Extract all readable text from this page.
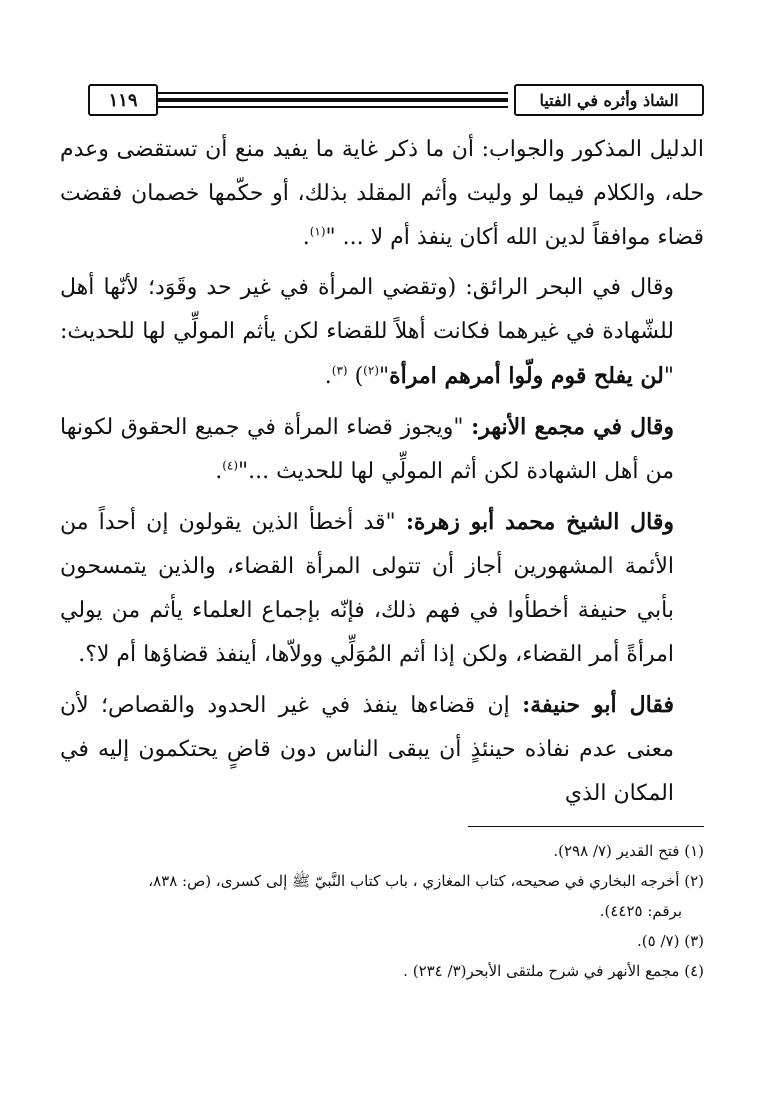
١١٩	الشاذ وأثره في الفتيا

الدليل المذكور والجواب: أن ما ذكر غاية ما يفيد منع أن تستقضى وعدم حله، والكلام فيما لو وليت وأثم المقلد بذلك، أو حكّمها خصمان فقضت قضاء موافقاً لدين الله أكان ينفذ أم لا ... "$^{(١)}$.

وقال في البحر الرائق: (وتقضي المرأة في غير حد وقَوَد؛ لأنّها أهل للشّهادة في غيرهما فكانت أهلاً للقضاء لكن يأثم المولِّي لها للحديث: "لن يفلح قوم ولّوا أمرهم امرأة"$^{(٢)}$) $^{(٣)}$.

وقال في مجمع الأنهر: "ويجوز قضاء المرأة في جميع الحقوق لكونها من أهل الشهادة لكن أثم المولِّي لها للحديث ..."$^{(٤)}$.

وقال الشيخ محمد أبو زهرة: "قد أخطأ الذين يقولون إن أحداً من الأئمة المشهورين أجاز أن تتولى المرأة القضاء، والذين يتمسحون بأبي حنيفة أخطأوا في فهم ذلك، فإنّه بإجماع العلماء يأثم من يولي امرأةً أمر القضاء، ولكن إذا أثم المُوَلِّي وولاّها، أينفذ قضاؤها أم لا؟.

فقال أبو حنيفة: إن قضاءها ينفذ في غير الحدود والقصاص؛ لأن معنى عدم نفاذه حينئذٍ أن يبقى الناس دون قاضٍ يحتكمون إليه في المكان الذي

(١) فتح القدير (٧/ ٢٩٨).

(٢) أخرجه البخاري في صحيحه، كتاب المغازي ، باب كتاب النَّبيّ ﷺ إلى كسرى، (ص: ٨٣٨،

برقم: ٤٤٢٥).

(٣) (٧/ ٥).

(٤) مجمع الأنهر في شرح ملتقى الأبحر(٣/ ٢٣٤) .
